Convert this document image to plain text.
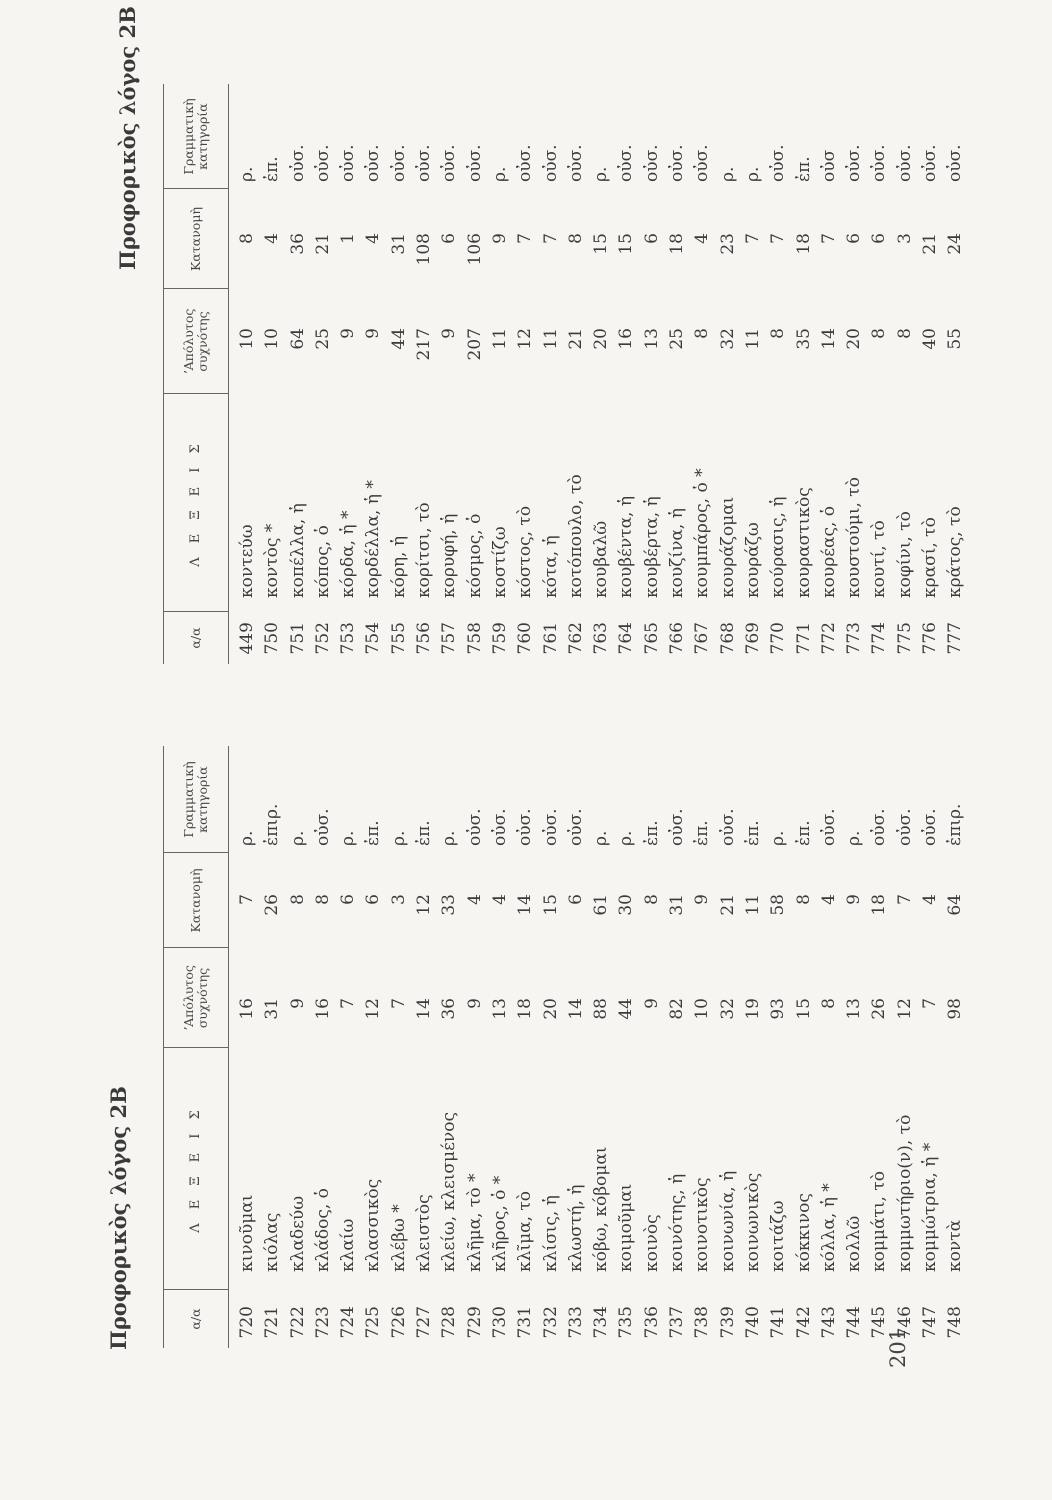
Προφορικὸς λόγος 2Β
Προφορικὸς λόγος 2Β
201
α/α
Λ Ε Ξ Ε Ι Σ
ʼΑπόλυτος συχνότης
Κατανομὴ
Γραμματικὴ κατηγορία
720
κινοῦμαι
16
7
ρ.
721
κιόλας
31
26
ἐπιρ.
722
κλαδεύω
9
8
ρ.
723
κλάδος, ὁ
16
8
οὐσ.
724
κλαίω
7
6
ρ.
725
κλασσικὸς
12
6
ἐπ.
726
κλέβω *
7
3
ρ.
727
κλειστὸς
14
12
ἐπ.
728
κλείω, κλεισμένος
36
33
ρ.
729
κλῆμα, τὸ *
9
4
οὐσ.
730
κλῆρος, ὁ *
13
4
οὐσ.
731
κλῖμα, τὸ
18
14
οὐσ.
732
κλίσις, ἡ
20
15
οὐσ.
733
κλωστή, ἡ
14
6
οὐσ.
734
κόβω, κόβομαι
88
61
ρ.
735
κοιμοῦμαι
44
30
ρ.
736
κοινὸς
9
8
ἐπ.
737
κοινότης, ἡ
82
31
οὐσ.
738
κοινοτικὸς
10
9
ἐπ.
739
κοινωνία, ἡ
32
21
οὐσ.
740
κοινωνικὸς
19
11
ἐπ.
741
κοιτάζω
93
58
ρ.
742
κόκκινος
15
8
ἐπ.
743
κόλλα, ἡ *
8
4
οὐσ.
744
κολλῶ
13
9
ρ.
745
κομμάτι, τὸ
26
18
οὐσ.
746
κομμωτήριο(ν), τὸ
12
7
οὐσ.
747
κομμώτρια, ἡ *
7
4
οὐσ.
748
κοντὰ
98
64
ἐπιρ.
α/α
Λ Ε Ξ Ε Ι Σ
ʼΑπόλυτος συχνότης
Κατανομὴ
Γραμματικὴ κατηγορία
449
κοντεύω
10
8
ρ.
750
κοντὸς *
10
4
ἐπ.
751
κοπέλλα, ἡ
64
36
οὐσ.
752
κόπος, ὁ
25
21
οὐσ.
753
κόρδα, ἡ *
9
1
οὐσ.
754
κορδέλλα, ἡ *
9
4
οὐσ.
755
κόρη, ἡ
44
31
οὐσ.
756
κορίτσι, τὸ
217
108
οὐσ.
757
κορυφή, ἡ
9
6
οὐσ.
758
κόσμος, ὁ
207
106
οὐσ.
759
κοστίζω
11
9
ρ.
760
κόστος, τὸ
12
7
οὐσ.
761
κότα, ἡ
11
7
οὐσ.
762
κοτόπουλο, τὸ
21
8
οὐσ.
763
κουβαλῶ
20
15
ρ.
764
κουβέντα, ἡ
16
15
οὐσ.
765
κουβέρτα, ἡ
13
6
οὐσ.
766
κουζίνα, ἡ
25
18
οὐσ.
767
κουμπάρος, ὁ *
8
4
οὐσ.
768
κουράζομαι
32
23
ρ.
769
κουράζω
11
7
ρ.
770
κούρασις, ἡ
8
7
οὐσ.
771
κουραστικὸς
35
18
ἐπ.
772
κουρέας, ὁ
14
7
οὐσ
773
κουστούμι, τὸ
20
6
οὐσ.
774
κουτί, τὸ
8
6
οὐσ.
775
κοφίνι, τὸ
8
3
οὐσ.
776
κρασί, τὸ
40
21
οὐσ.
777
κράτος, τὸ
55
24
οὐσ.
